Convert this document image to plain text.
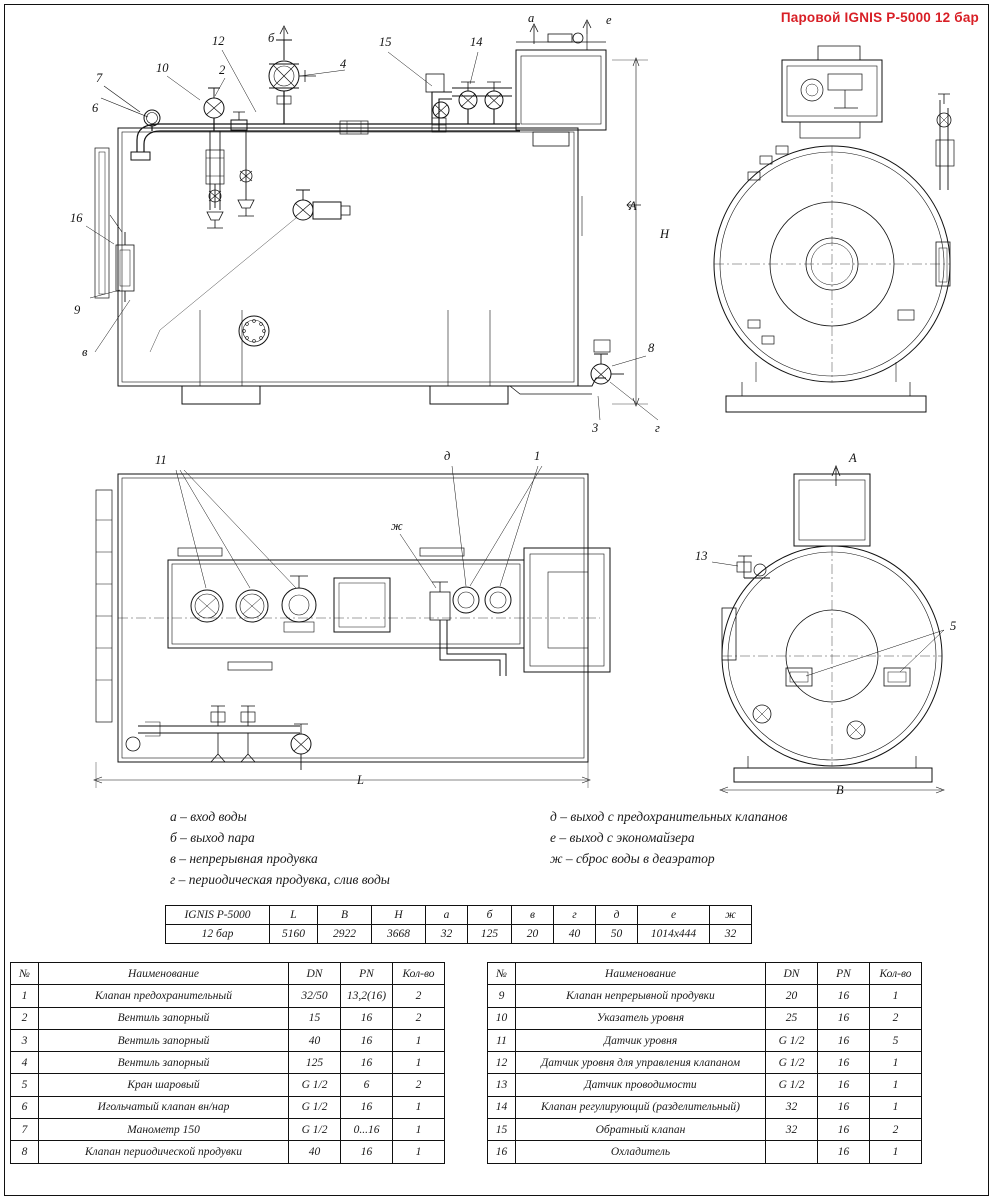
Паровой IGNIS P-5000 12 бар
7
6
10	2
12
4
15	14
16
9
8
3	г
в
б
а	е
А
Н
11	д	1
ж
L
А
13
5
В
а – вход воды
б – выход пара
в – непрерывная продувка
г – периодическая продувка, слив воды
д – выход с предохранительных клапанов
е – выход с экономайзера
ж – сброс воды в деаэратор
IGNIS P-5000	L	B	H	а	б	в	г	д	е	ж
12 бар	5160	2922	3668	32	125	20	40	50	1014х444	32
№	Наименование	DN	PN	Кол-во
1	Клапан предохранительный	32/50	13,2(16)	2
2	Вентиль запорный	15	16	2
3	Вентиль запорный	40	16	1
4	Вентиль запорный	125	16	1
5	Кран шаровый	G 1/2	6	2
6	Игольчатый клапан вн/нар	G 1/2	16	1
7	Манометр 150	G 1/2	0...16	1
8	Клапан периодической продувки	40	16	1
№	Наименование	DN	PN	Кол-во
9	Клапан непрерывной продувки	20	16	1
10	Указатель уровня	25	16	2
11	Датчик уровня	G 1/2	16	5
12	Датчик уровня для управления клапаном	G 1/2	16	1
13	Датчик проводимости	G 1/2	16	1
14	Клапан регулирующий (разделительный)	32	16	1
15	Обратный клапан	32	16	2
16	Охладитель		16	1
